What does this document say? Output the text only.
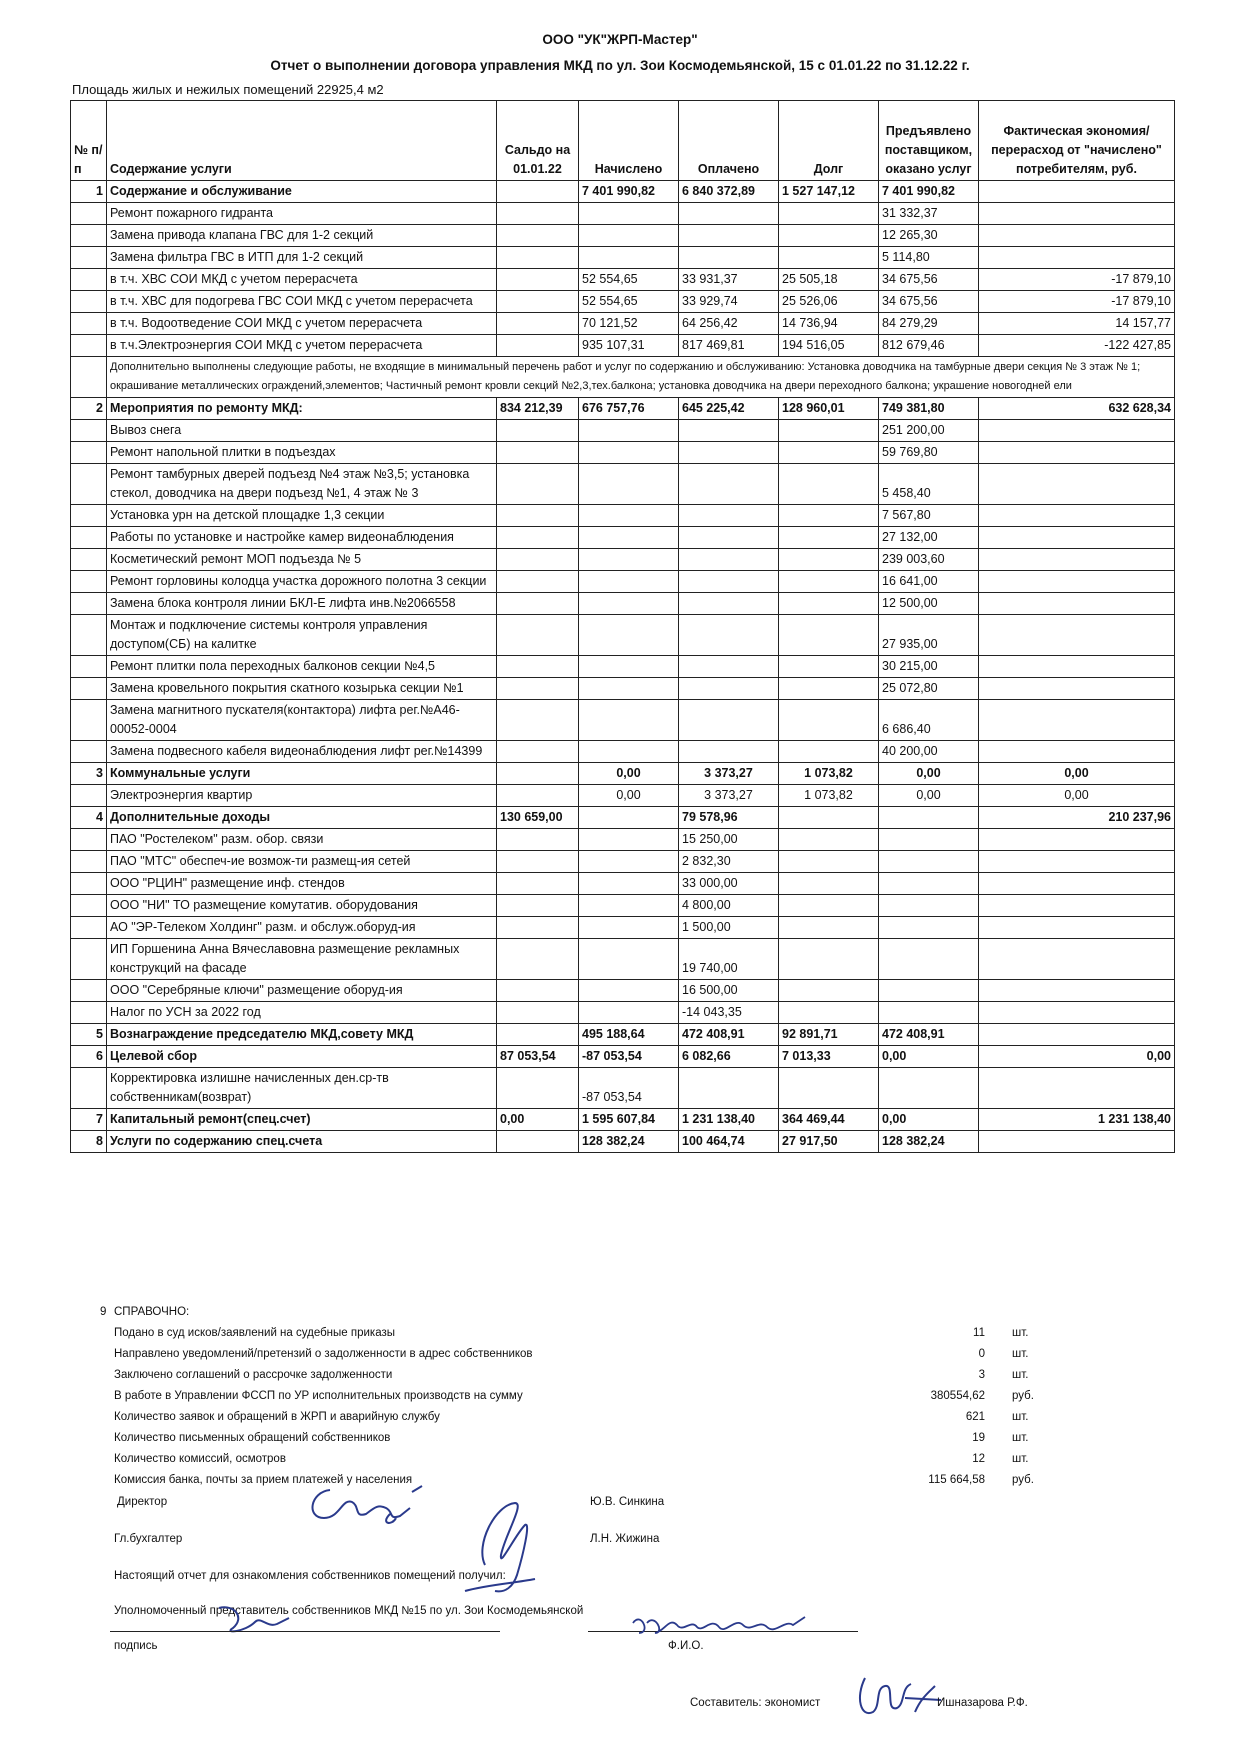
ООО "УК"ЖРП-Мастер"
Отчет о выполнении договора управления МКД по ул. Зои Космодемьянской, 15 с 01.01.22 по 31.12.22 г.
Площадь жилых и нежилых помещений 22925,4 м2
№ п/п	Содержание услуги	Сальдо на 01.01.22	Начислено	Оплачено	Долг	Предъявлено поставщиком, оказано услуг	Фактическая экономия/перерасход от "начислено" потребителям, руб.
1	Содержание и обслуживание		7 401 990,82	6 840 372,89	1 527 147,12	7 401 990,82	
	Ремонт пожарного гидранта					31 332,37	
	Замена привода клапана ГВС для 1-2 секций					12 265,30	
	Замена фильтра ГВС в ИТП для 1-2 секций					5 114,80	
	в т.ч. ХВС СОИ МКД с учетом перерасчета		52 554,65	33 931,37	25 505,18	34 675,56	-17 879,10
	в т.ч. ХВС для подогрева ГВС СОИ МКД с учетом перерасчета		52 554,65	33 929,74	25 526,06	34 675,56	-17 879,10
	в т.ч. Водоотведение СОИ МКД с учетом перерасчета		70 121,52	64 256,42	14 736,94	84 279,29	14 157,77
	в т.ч.Электроэнергия СОИ МКД с учетом перерасчета		935 107,31	817 469,81	194 516,05	812 679,46	-122 427,85
	Дополнительно выполнены следующие работы, не входящие в минимальный перечень работ и услуг по содержанию и обслуживанию: Установка доводчика на тамбурные двери секция № 3 этаж № 1; окрашивание металлических ограждений,элементов; Частичный ремонт кровли секций №2,3,тех.балкона; установка доводчика на двери переходного балкона; украшение новогодней ели						
2	Мероприятия по ремонту МКД:	834 212,39	676 757,76	645 225,42	128 960,01	749 381,80	632 628,34
	Вывоз снега					251 200,00	
	Ремонт напольной плитки в подъездах					59 769,80	
	Ремонт тамбурных дверей подъезд №4 этаж №3,5; установка стекол, доводчика на двери подъезд №1, 4 этаж № 3					5 458,40	
	Установка урн на детской площадке 1,3 секции					7 567,80	
	Работы по установке и настройке камер видеонаблюдения					27 132,00	
	Косметический ремонт МОП подъезда № 5					239 003,60	
	Ремонт горловины колодца участка дорожного полотна 3 секции					16 641,00	
	Замена блока контроля линии БКЛ-Е лифта инв.№2066558					12 500,00	
	Монтаж и подключение системы контроля управления доступом(СБ) на калитке					27 935,00	
	Ремонт плитки пола переходных балконов секции №4,5					30 215,00	
	Замена кровельного покрытия скатного козырька секции №1					25 072,80	
	Замена магнитного пускателя(контактора) лифта рег.№А46-00052-0004					6 686,40	
	Замена подвесного кабеля видеонаблюдения лифт рег.№14399					40 200,00	
3	Коммунальные услуги		0,00	3 373,27	1 073,82	0,00	0,00
	Электроэнергия квартир		0,00	3 373,27	1 073,82	0,00	0,00
4	Дополнительные доходы	130 659,00		79 578,96			210 237,96
	ПАО "Ростелеком" разм. обор. связи			15 250,00			
	ПАО "МТС" обеспеч-ие возмож-ти размещ-ия сетей			2 832,30			
	ООО "РЦИН" размещение инф. стендов			33 000,00			
	ООО "НИ" ТО размещение комутатив. оборудования			4 800,00			
	АО "ЭР-Телеком Холдинг" разм. и обслуж.оборуд-ия			1 500,00			
	ИП Горшенина Анна Вячеславовна размещение рекламных конструкций на фасаде			19 740,00			
	ООО "Серебряные ключи" размещение оборуд-ия			16 500,00			
	Налог по УСН за 2022 год			-14 043,35			
5	Вознаграждение председателю МКД,совету МКД		495 188,64	472 408,91	92 891,71	472 408,91	
6	Целевой сбор	87 053,54	-87 053,54	6 082,66	7 013,33	0,00	0,00
	Корректировка излишне начисленных ден.ср-тв собственникам(возврат)		-87 053,54				
7	Капитальный ремонт(спец.счет)	0,00	1 595 607,84	1 231 138,40	364 469,44	0,00	1 231 138,40
8	Услуги по содержанию спец.счета		128 382,24	100 464,74	27 917,50	128 382,24	
9 СПРАВОЧНО:
Подано в суд исков/заявлений на судебные приказы	11 шт.
Направлено уведомлений/претензий о задолженности в адрес собственников	0 шт.
Заключено соглашений о рассрочке задолженности	3 шт.
В работе в Управлении ФССП по УР исполнительных производств на сумму	380554,62 руб.
Количество заявок и обращений в ЖРП и аварийную службу	621 шт.
Количество письменных обращений собственников	19 шт.
Количество комиссий, осмотров	12 шт.
Комиссия банка, почты за прием платежей у населения	115 664,58 руб.
Директор	Ю.В. Синкина
Гл.бухгалтер	Л.Н. Жижина
Настоящий отчет для ознакомления собственников помещений получил:
Уполномоченный представитель собственников МКД №15 по ул. Зои Космодемьянской
подпись	Ф.И.О.
Составитель: экономист	Ишназарова Р.Ф.
